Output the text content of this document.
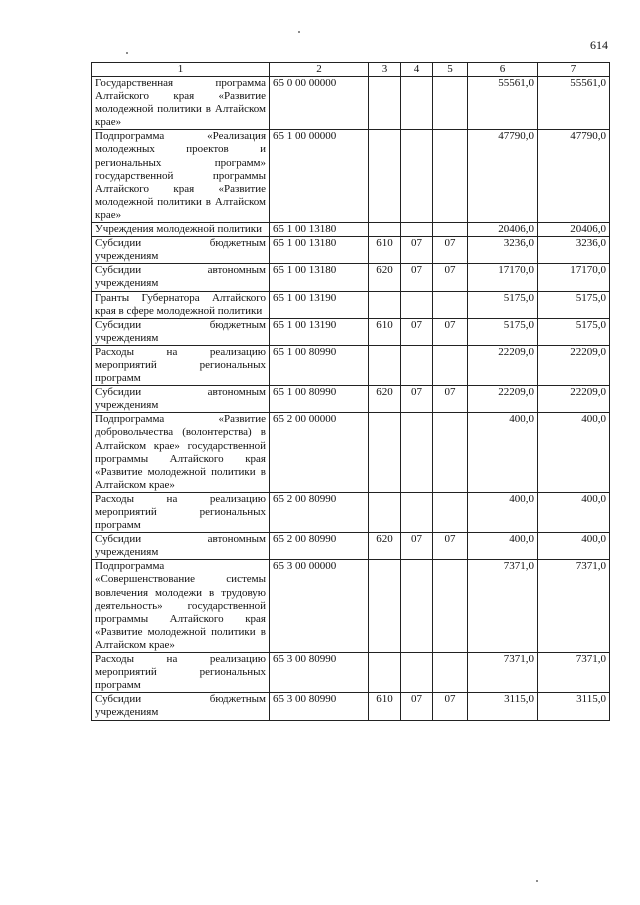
614
1	2	3	4	5	6	7
Государственная программа Алтайского края «Развитие молодежной политики в Алтайском крае»	65 0 00 00000				55561,0	55561,0
Подпрограмма «Реализация молодежных проектов и региональных программ» государственной программы Алтайского края «Развитие молодежной политики в Алтайском крае»	65 1 00 00000				47790,0	47790,0
Учреждения молодежной политики	65 1 00 13180				20406,0	20406,0
Субсидии бюджетным учреждениям	65 1 00 13180	610	07	07	3236,0	3236,0
Субсидии автономным учреждениям	65 1 00 13180	620	07	07	17170,0	17170,0
Гранты Губернатора Алтайского края в сфере молодежной политики	65 1 00 13190				5175,0	5175,0
Субсидии бюджетным учреждениям	65 1 00 13190	610	07	07	5175,0	5175,0
Расходы на реализацию мероприятий региональных программ	65 1 00 80990				22209,0	22209,0
Субсидии автономным учреждениям	65 1 00 80990	620	07	07	22209,0	22209,0
Подпрограмма «Развитие добровольчества (волонтерства) в Алтайском крае» государственной программы Алтайского края «Развитие молодежной политики в Алтайском крае»	65 2 00 00000				400,0	400,0
Расходы на реализацию мероприятий региональных программ	65 2 00 80990				400,0	400,0
Субсидии автономным учреждениям	65 2 00 80990	620	07	07	400,0	400,0
Подпрограмма «Совершенствование системы вовлечения молодежи в трудовую деятельность» государственной программы Алтайского края «Развитие молодежной политики в Алтайском крае»	65 3 00 00000				7371,0	7371,0
Расходы на реализацию мероприятий региональных программ	65 3 00 80990				7371,0	7371,0
Субсидии бюджетным учреждениям	65 3 00 80990	610	07	07	3115,0	3115,0
